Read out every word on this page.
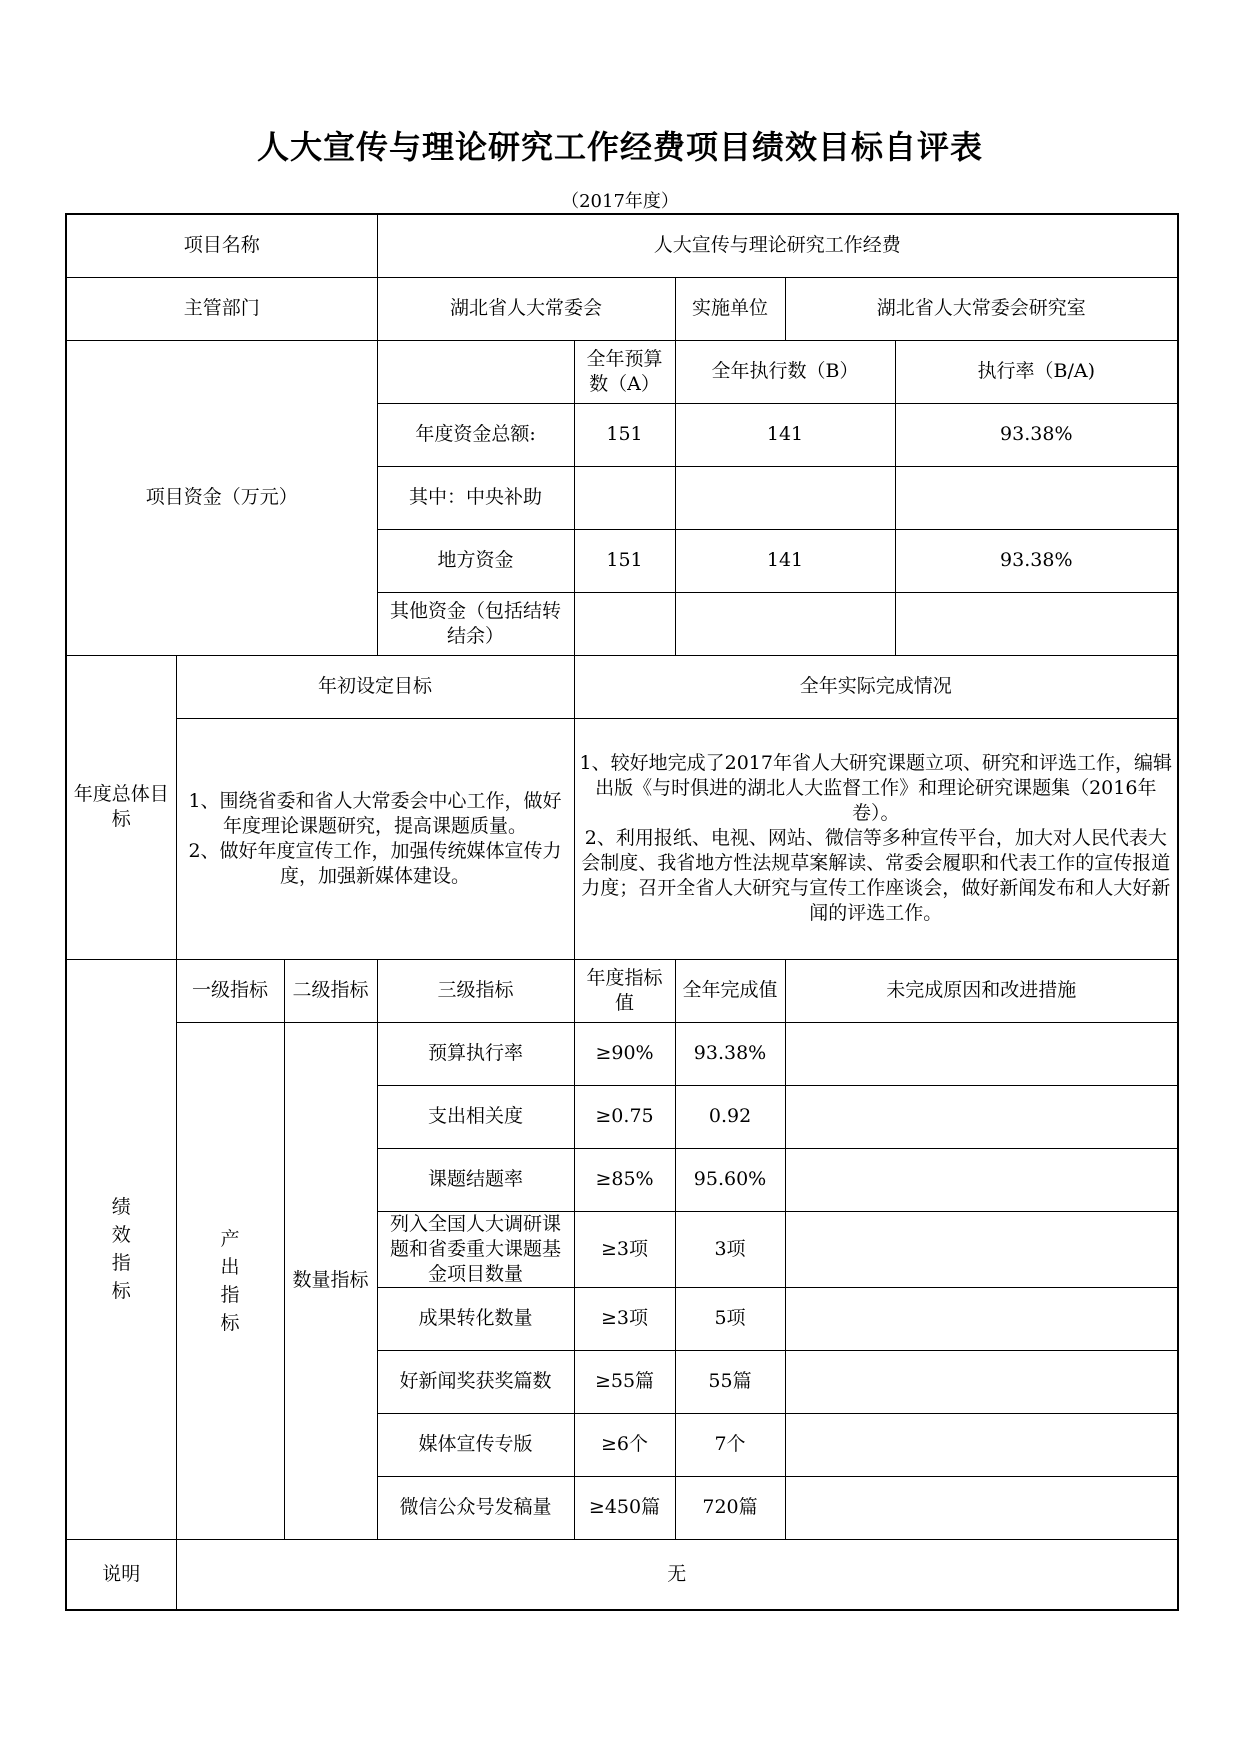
人大宣传与理论研究工作经费项目绩效目标自评表
（2017年度）
项目名称			人大宣传与理论研究工作经费				
主管部门			湖北省人大常委会		实施单位	湖北省人大常委会研究室	
项目资金（万元）				全年预算数（A）	全年执行数（B）		执行率（B/A)
			年度资金总额:	151	141		93.38%
			其中：中央补助				
			地方资金	151	141		93.38%
			其他资金（包括结转结余）				
年度总体目标	年初设定目标			全年实际完成情况			

	1、围绕省委和省人大常委会中心工作，做好年度理论课题研究，提高课题质量。
2、做好年度宣传工作，加强传统媒体宣传力度，加强新媒体建设。			1、较好地完成了2017年省人大研究课题立项、研究和评选工作，编辑出版《与时俱进的湖北人大监督工作》和理论研究课题集（2016年卷）。
2、利用报纸、电视、网站、微信等多种宣传平台，加大对人民代表大会制度、我省地方性法规草案解读、常委会履职和代表工作的宣传报道力度；召开全省人大研究与宣传工作座谈会，做好新闻发布和人大好新闻的评选工作。			

绩效指标	一级指标	二级指标	三级指标	年度指标值	全年完成值	未完成原因和改进措施	
	产出指标	数量指标	预算执行率	≥90%	93.38%		
			支出相关度	≥0.75	0.92		
			课题结题率	≥85%	95.60%		
			列入全国人大调研课题和省委重大课题基金项目数量	≥3项	3项		
			成果转化数量	≥3项	5项		
			好新闻奖获奖篇数	≥55篇	55篇		
			媒体宣传专版	≥6个	7个		
			微信公众号发稿量	≥450篇	720篇		
说明	无						
